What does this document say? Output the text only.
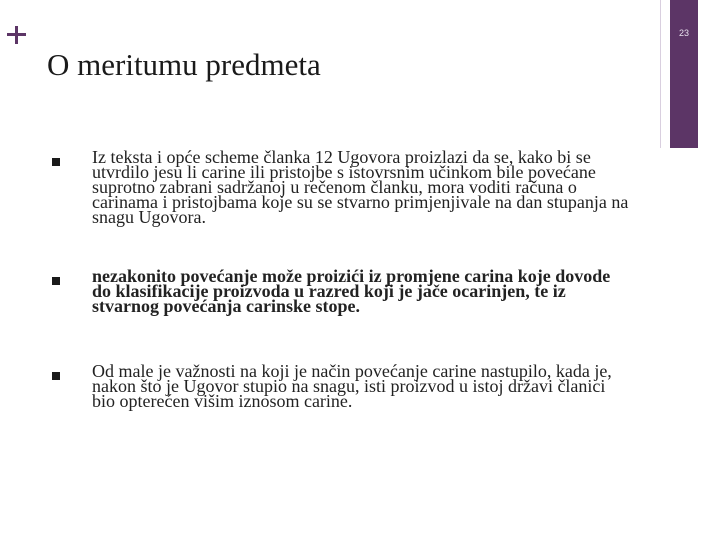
23
O meritumu predmeta
Iz teksta i opće scheme članka 12 Ugovora proizlazi da se, kako bi se utvrdilo jesu li carine ili pristojbe s istovrsnim učinkom bile povećane suprotno zabrani sadržanoj u rečenom članku, mora voditi računa o carinama i pristojbama koje su se stvarno primjenjivale na dan stupanja na snagu Ugovora.
nezakonito povećanje može proizići iz promjene carina koje dovode do klasifikacije proizvoda u razred koji je jače ocarinjen, te iz stvarnog povećanja carinske stope.
Od male je važnosti na koji je način povećanje carine nastupilo, kada je, nakon što je Ugovor stupio na snagu, isti proizvod u istoj državi članici bio opterećen višim iznosom carine.
